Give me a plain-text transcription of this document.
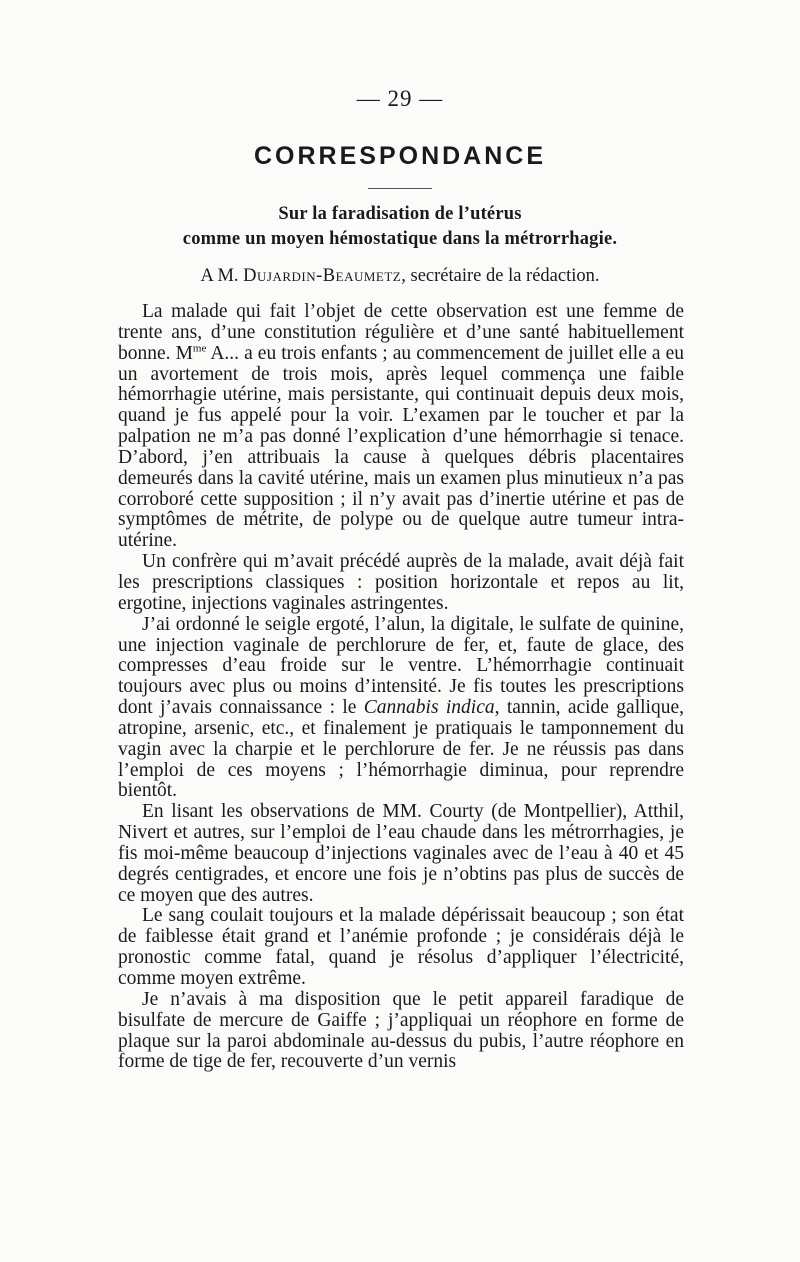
— 29 —
CORRESPONDANCE
Sur la faradisation de l’utérus
comme un moyen hémostatique dans la métrorrhagie.
A M. Dujardin-Beaumetz, secrétaire de la rédaction.

La malade qui fait l’objet de cette observation est une femme de trente ans, d’une constitution régulière et d’une santé habituellement bonne. $M^{me}$ A... a eu trois enfants ; au commencement de juillet elle a eu un avortement de trois mois, après lequel commença une faible hémorrhagie utérine, mais persistante, qui continuait depuis deux mois, quand je fus appelé pour la voir. L’examen par le toucher et par la palpation ne m’a pas donné l’explication d’une hémorrhagie si tenace. D’abord, j’en attribuais la cause à quelques débris placentaires demeurés dans la cavité utérine, mais un examen plus minutieux n’a pas corroboré cette supposition ; il n’y avait pas d’inertie utérine et pas de symptômes de métrite, de polype ou de quelque autre tumeur intra-utérine.

Un confrère qui m’avait précédé auprès de la malade, avait déjà fait les prescriptions classiques : position horizontale et repos au lit, ergotine, injections vaginales astringentes.

J’ai ordonné le seigle ergoté, l’alun, la digitale, le sulfate de quinine, une injection vaginale de perchlorure de fer, et, faute de glace, des compresses d’eau froide sur le ventre. L’hémorrhagie continuait toujours avec plus ou moins d’intensité. Je fis toutes les prescriptions dont j’avais connaissance : le Cannabis indica, tannin, acide gallique, atropine, arsenic, etc., et finalement je pratiquais le tamponnement du vagin avec la charpie et le perchlorure de fer. Je ne réussis pas dans l’emploi de ces moyens ; l’hémorrhagie diminua, pour reprendre bientôt.

En lisant les observations de MM. Courty (de Montpellier), Atthil, Nivert et autres, sur l’emploi de l’eau chaude dans les métrorrhagies, je fis moi-même beaucoup d’injections vaginales avec de l’eau à 40 et 45 degrés centigrades, et encore une fois je n’obtins pas plus de succès de ce moyen que des autres.

Le sang coulait toujours et la malade dépérissait beaucoup ; son état de faiblesse était grand et l’anémie profonde ; je considérais déjà le pronostic comme fatal, quand je résolus d’appliquer l’électricité, comme moyen extrême.

Je n’avais à ma disposition que le petit appareil faradique de bisulfate de mercure de Gaiffe ; j’appliquai un réophore en forme de plaque sur la paroi abdominale au-dessus du pubis, l’autre réophore en forme de tige de fer, recouverte d’un vernis
